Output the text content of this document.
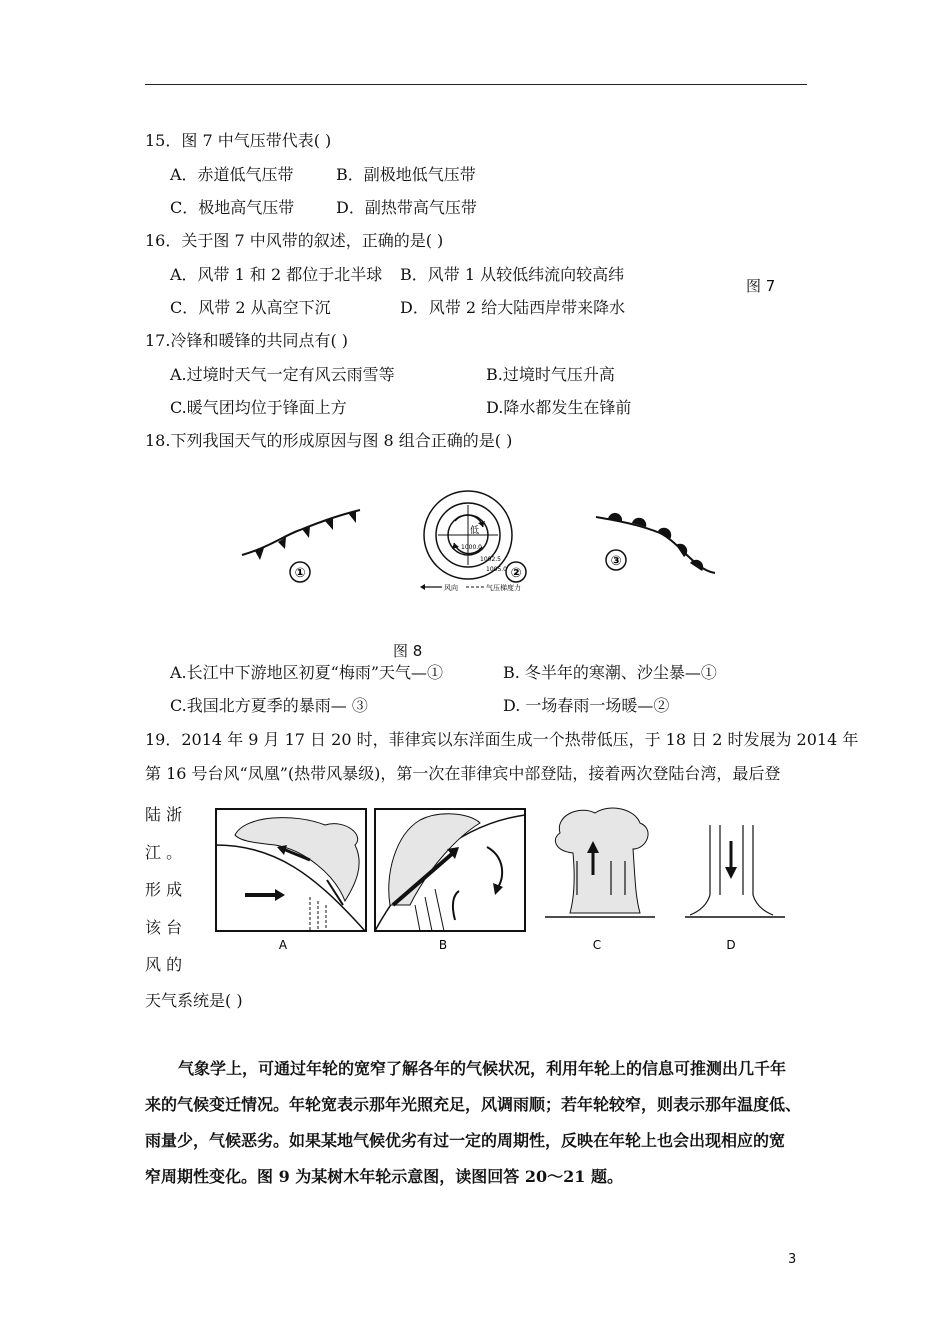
15．图 7 中气压带代表( )
A．赤道低气压带	B．副极地低气压带
C．极地高气压带	D．副热带高气压带
16．关于图 7 中风带的叙述，正确的是( )
A．风带 1 和 2 都位于北半球 B．风带 1 从较低纬流向较高纬
C．风带 2 从高空下沉	D．风带 2 给大陆西岸带来降水
图 7
17.冷锋和暖锋的共同点有( )
A.过境时天气一定有风云雨雪等	B.过境时气压升高
C.暖气团均位于锋面上方	D.降水都发生在锋前
18.下列我国天气的形成原因与图 8 组合正确的是( )
①
低
1000.0
1002.5
1005.0 ②
风向	气压梯度力
③
图 8
A.长江中下游地区初夏“梅雨”天气—①	B. 冬半年的寒潮、沙尘暴—①
C.我国北方夏季的暴雨— ③	D. 一场春雨一场暖—②
19．2014 年 9 月 17 日 20 时，菲律宾以东洋面生成一个热带低压，于 18 日 2 时发展为 2014 年
第 16 号台风“凤凰”(热带风暴级)，第一次在菲律宾中部登陆，接着两次登陆台湾，最后登
陆 浙
江 。
形 成
该 台
风 的
天气系统是( )
A	B	C	D
气象学上，可通过年轮的宽窄了解各年的气候状况，利用年轮上的信息可推测出几千年
来的气候变迁情况。年轮宽表示那年光照充足，风调雨顺；若年轮较窄，则表示那年温度低、
雨量少，气候恶劣。如果某地气候优劣有过一定的周期性，反映在年轮上也会出现相应的宽
窄周期性变化。图 9 为某树木年轮示意图，读图回答 20～21 题。
3
